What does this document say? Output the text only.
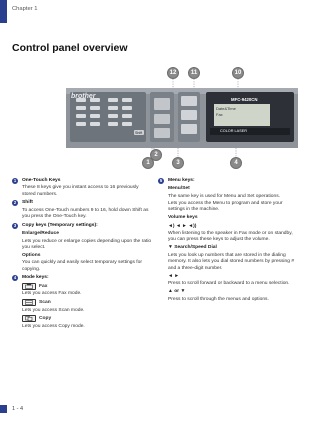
Chapter 1
Control panel overview
brother	MFC-9420CN
Date&Time
Fax
COLOR LASER
Shift
12	11	10
1
2
3	4
1	One-Touch Keys
These 8 keys give you instant access to 16 previously stored numbers.
2	Shift
To access One-Touch numbers 9 to 16, hold down Shift as you press the One-Touch key.
3	Copy keys (Temporary settings):
Enlarge/Reduce
Lets you reduce or enlarge copies depending upon the ratio you select.
Options
You can quickly and easily select temporary settings for copying.
4	Mode keys:
Fax
Lets you access Fax mode.
Scan
Lets you access Scan mode.
Copy
Lets you access Copy mode.
5	Menu keys:
Menu/Set
The same key is used for Menu and Set operations.
Lets you access the Menu to program and store your settings in the machine.
Volume keys
◄) ◄ ► ◄))
When listening to the speaker in Fax mode or on standby, you can press these keys to adjust the volume.
▼ Search/Speed Dial
Lets you look up numbers that are stored in the dialing memory. It also lets you dial stored numbers by pressing # and a three-digit number.
◄ ►
Press to scroll forward or backward to a menu selection.
▲ or ▼
Press to scroll through the menus and options.
1 - 4
